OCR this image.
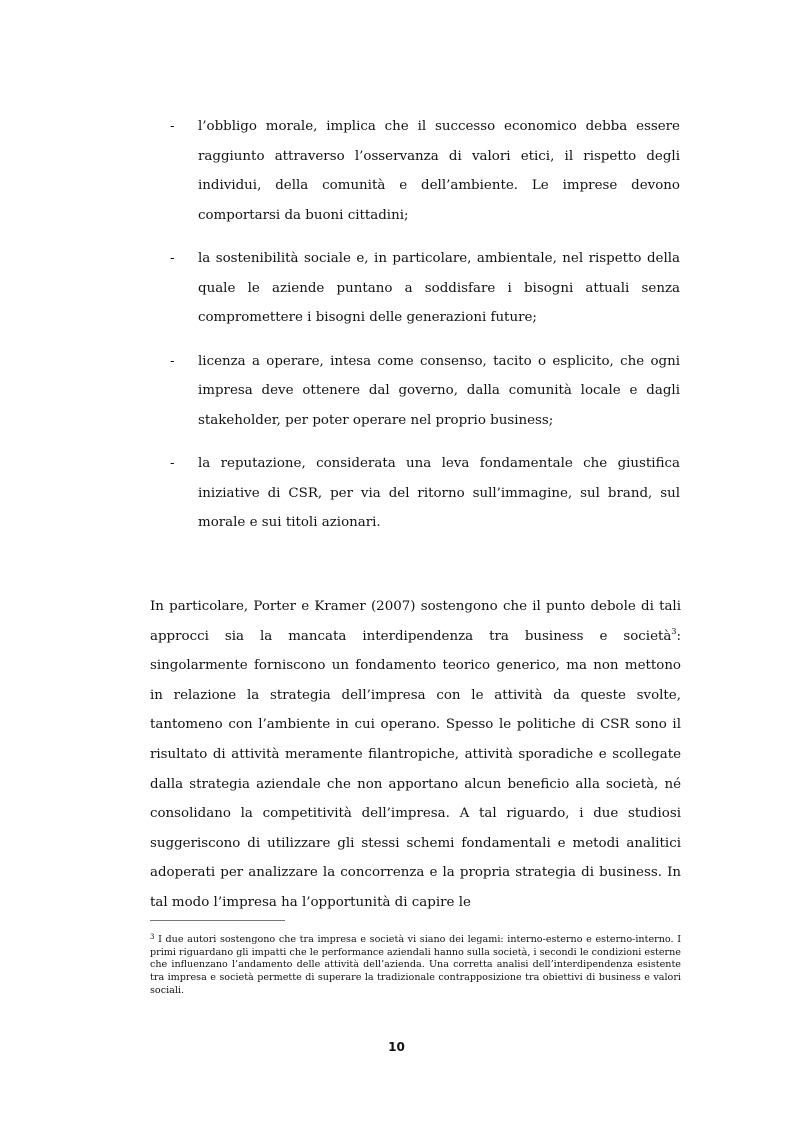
- l’obbligo morale, implica che il successo economico debba essere raggiunto attraverso l’osservanza di valori etici, il rispetto degli individui, della comunità e dell’ambiente. Le imprese devono comportarsi da buoni cittadini;
- la sostenibilità sociale e, in particolare, ambientale, nel rispetto della quale le aziende puntano a soddisfare i bisogni attuali senza compromettere i bisogni delle generazioni future;
- licenza a operare, intesa come consenso, tacito o esplicito, che ogni impresa deve ottenere dal governo, dalla comunità locale e dagli stakeholder, per poter operare nel proprio business;
- la reputazione, considerata una leva fondamentale che giustifica iniziative di CSR, per via del ritorno sull’immagine, sul brand, sul morale e sui titoli azionari.

In particolare, Porter e Kramer (2007) sostengono che il punto debole di tali approcci sia la mancata interdipendenza tra business e società$^3$: singolarmente forniscono un fondamento teorico generico, ma non mettono in relazione la strategia dell’impresa con le attività da queste svolte, tantomeno con l’ambiente in cui operano. Spesso le politiche di CSR sono il risultato di attività meramente filantropiche, attività sporadiche e scollegate dalla strategia aziendale che non apportano alcun beneficio alla società, né consolidano la competitività dell’impresa. A tal riguardo, i due studiosi suggeriscono di utilizzare gli stessi schemi fondamentali e metodi analitici adoperati per analizzare la concorrenza e la propria strategia di business. In tal modo l’impresa ha l’opportunità di capire le

$^3$ I due autori sostengono che tra impresa e società vi siano dei legami: interno-esterno e esterno-interno. I primi riguardano gli impatti che le performance aziendali hanno sulla società, i secondi le condizioni esterne che influenzano l’andamento delle attività dell’azienda. Una corretta analisi dell’interdipendenza esistente tra impresa e società permette di superare la tradizionale contrapposizione tra obiettivi di business e valori sociali.

10
